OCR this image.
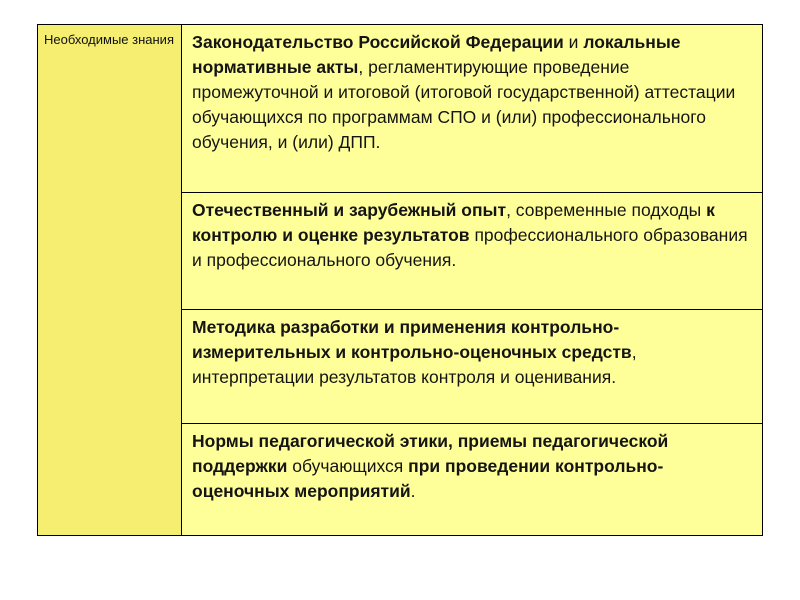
Необходимые знания	Законодательство Российской Федерации и локальные нормативные акты, регламентирующие проведение промежуточной и итоговой (итоговой государственной) аттестации обучающихся по программам СПО и (или) профессионального обучения, и (или) ДПП.
Отечественный и зарубежный опыт, современные подходы к контролю и оценке результатов профессионального образования и профессионального обучения.
Методика разработки и применения контрольно-измерительных и контрольно-оценочных средств, интерпретации результатов контроля и оценивания.
Нормы педагогической этики, приемы педагогической поддержки обучающихся при проведении контрольно-оценочных мероприятий.
